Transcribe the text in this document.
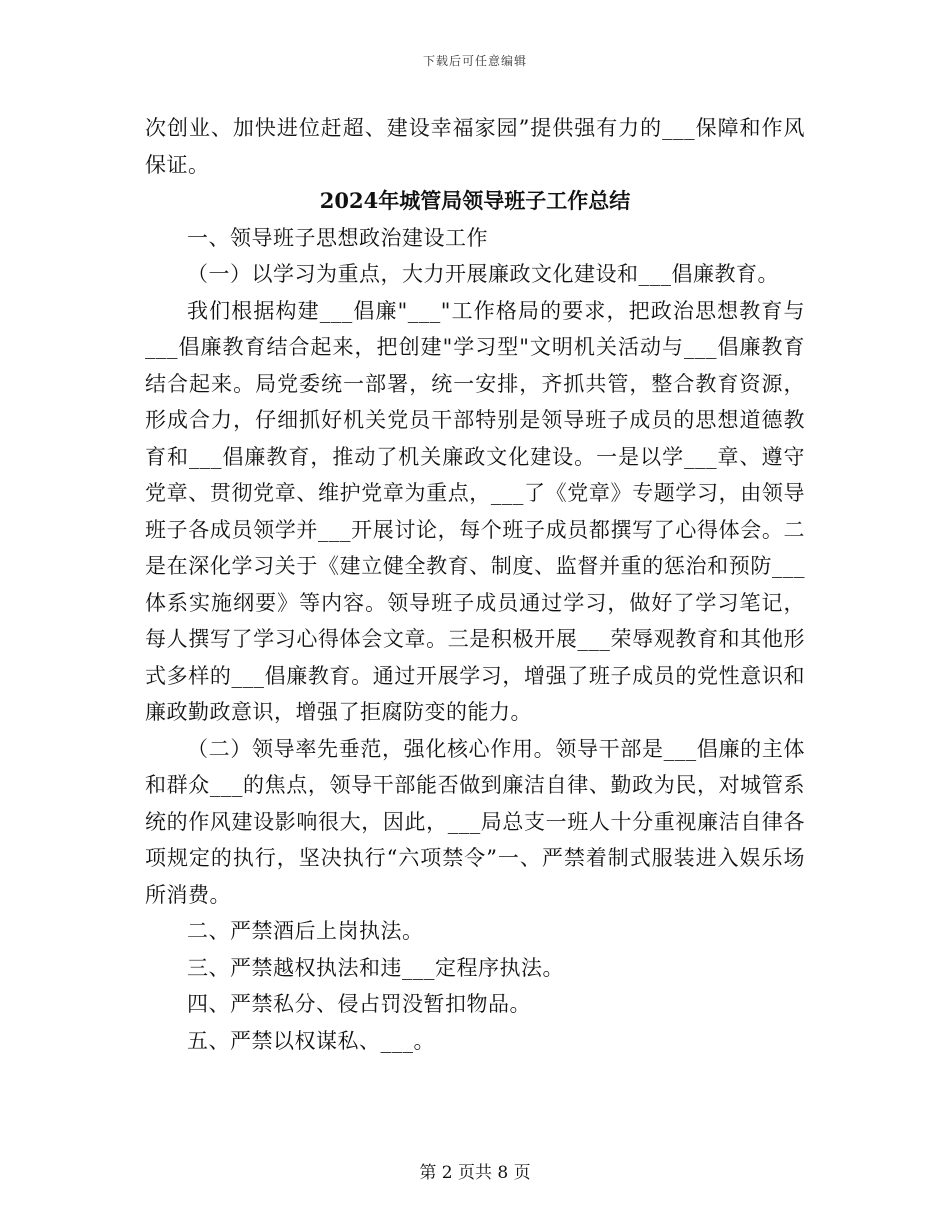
下载后可任意编辑

次创业、加快进位赶超、建设幸福家园”提供强有力的___保障和作风保证。

2024年城管局领导班子工作总结

一、领导班子思想政治建设工作

（一）以学习为重点，大力开展廉政文化建设和___倡廉教育。

我们根据构建___倡廉"___"工作格局的要求，把政治思想教育与___倡廉教育结合起来，把创建"学习型"文明机关活动与___倡廉教育结合起来。局党委统一部署，统一安排，齐抓共管，整合教育资源，形成合力，仔细抓好机关党员干部特别是领导班子成员的思想道德教育和___倡廉教育，推动了机关廉政文化建设。一是以学___章、遵守党章、贯彻党章、维护党章为重点，___了《党章》专题学习，由领导班子各成员领学并___开展讨论，每个班子成员都撰写了心得体会。二是在深化学习关于《建立健全教育、制度、监督并重的惩治和预防___体系实施纲要》等内容。领导班子成员通过学习，做好了学习笔记，每人撰写了学习心得体会文章。三是积极开展___荣辱观教育和其他形式多样的___倡廉教育。通过开展学习，增强了班子成员的党性意识和廉政勤政意识，增强了拒腐防变的能力。

（二）领导率先垂范，强化核心作用。领导干部是___倡廉的主体和群众___的焦点，领导干部能否做到廉洁自律、勤政为民，对城管系统的作风建设影响很大，因此，___局总支一班人十分重视廉洁自律各项规定的执行，坚决执行“六项禁令”一、严禁着制式服装进入娱乐场所消费。

二、严禁酒后上岗执法。

三、严禁越权执法和违___定程序执法。

四、严禁私分、侵占罚没暂扣物品。

五、严禁以权谋私、___。

第 2 页共 8 页
